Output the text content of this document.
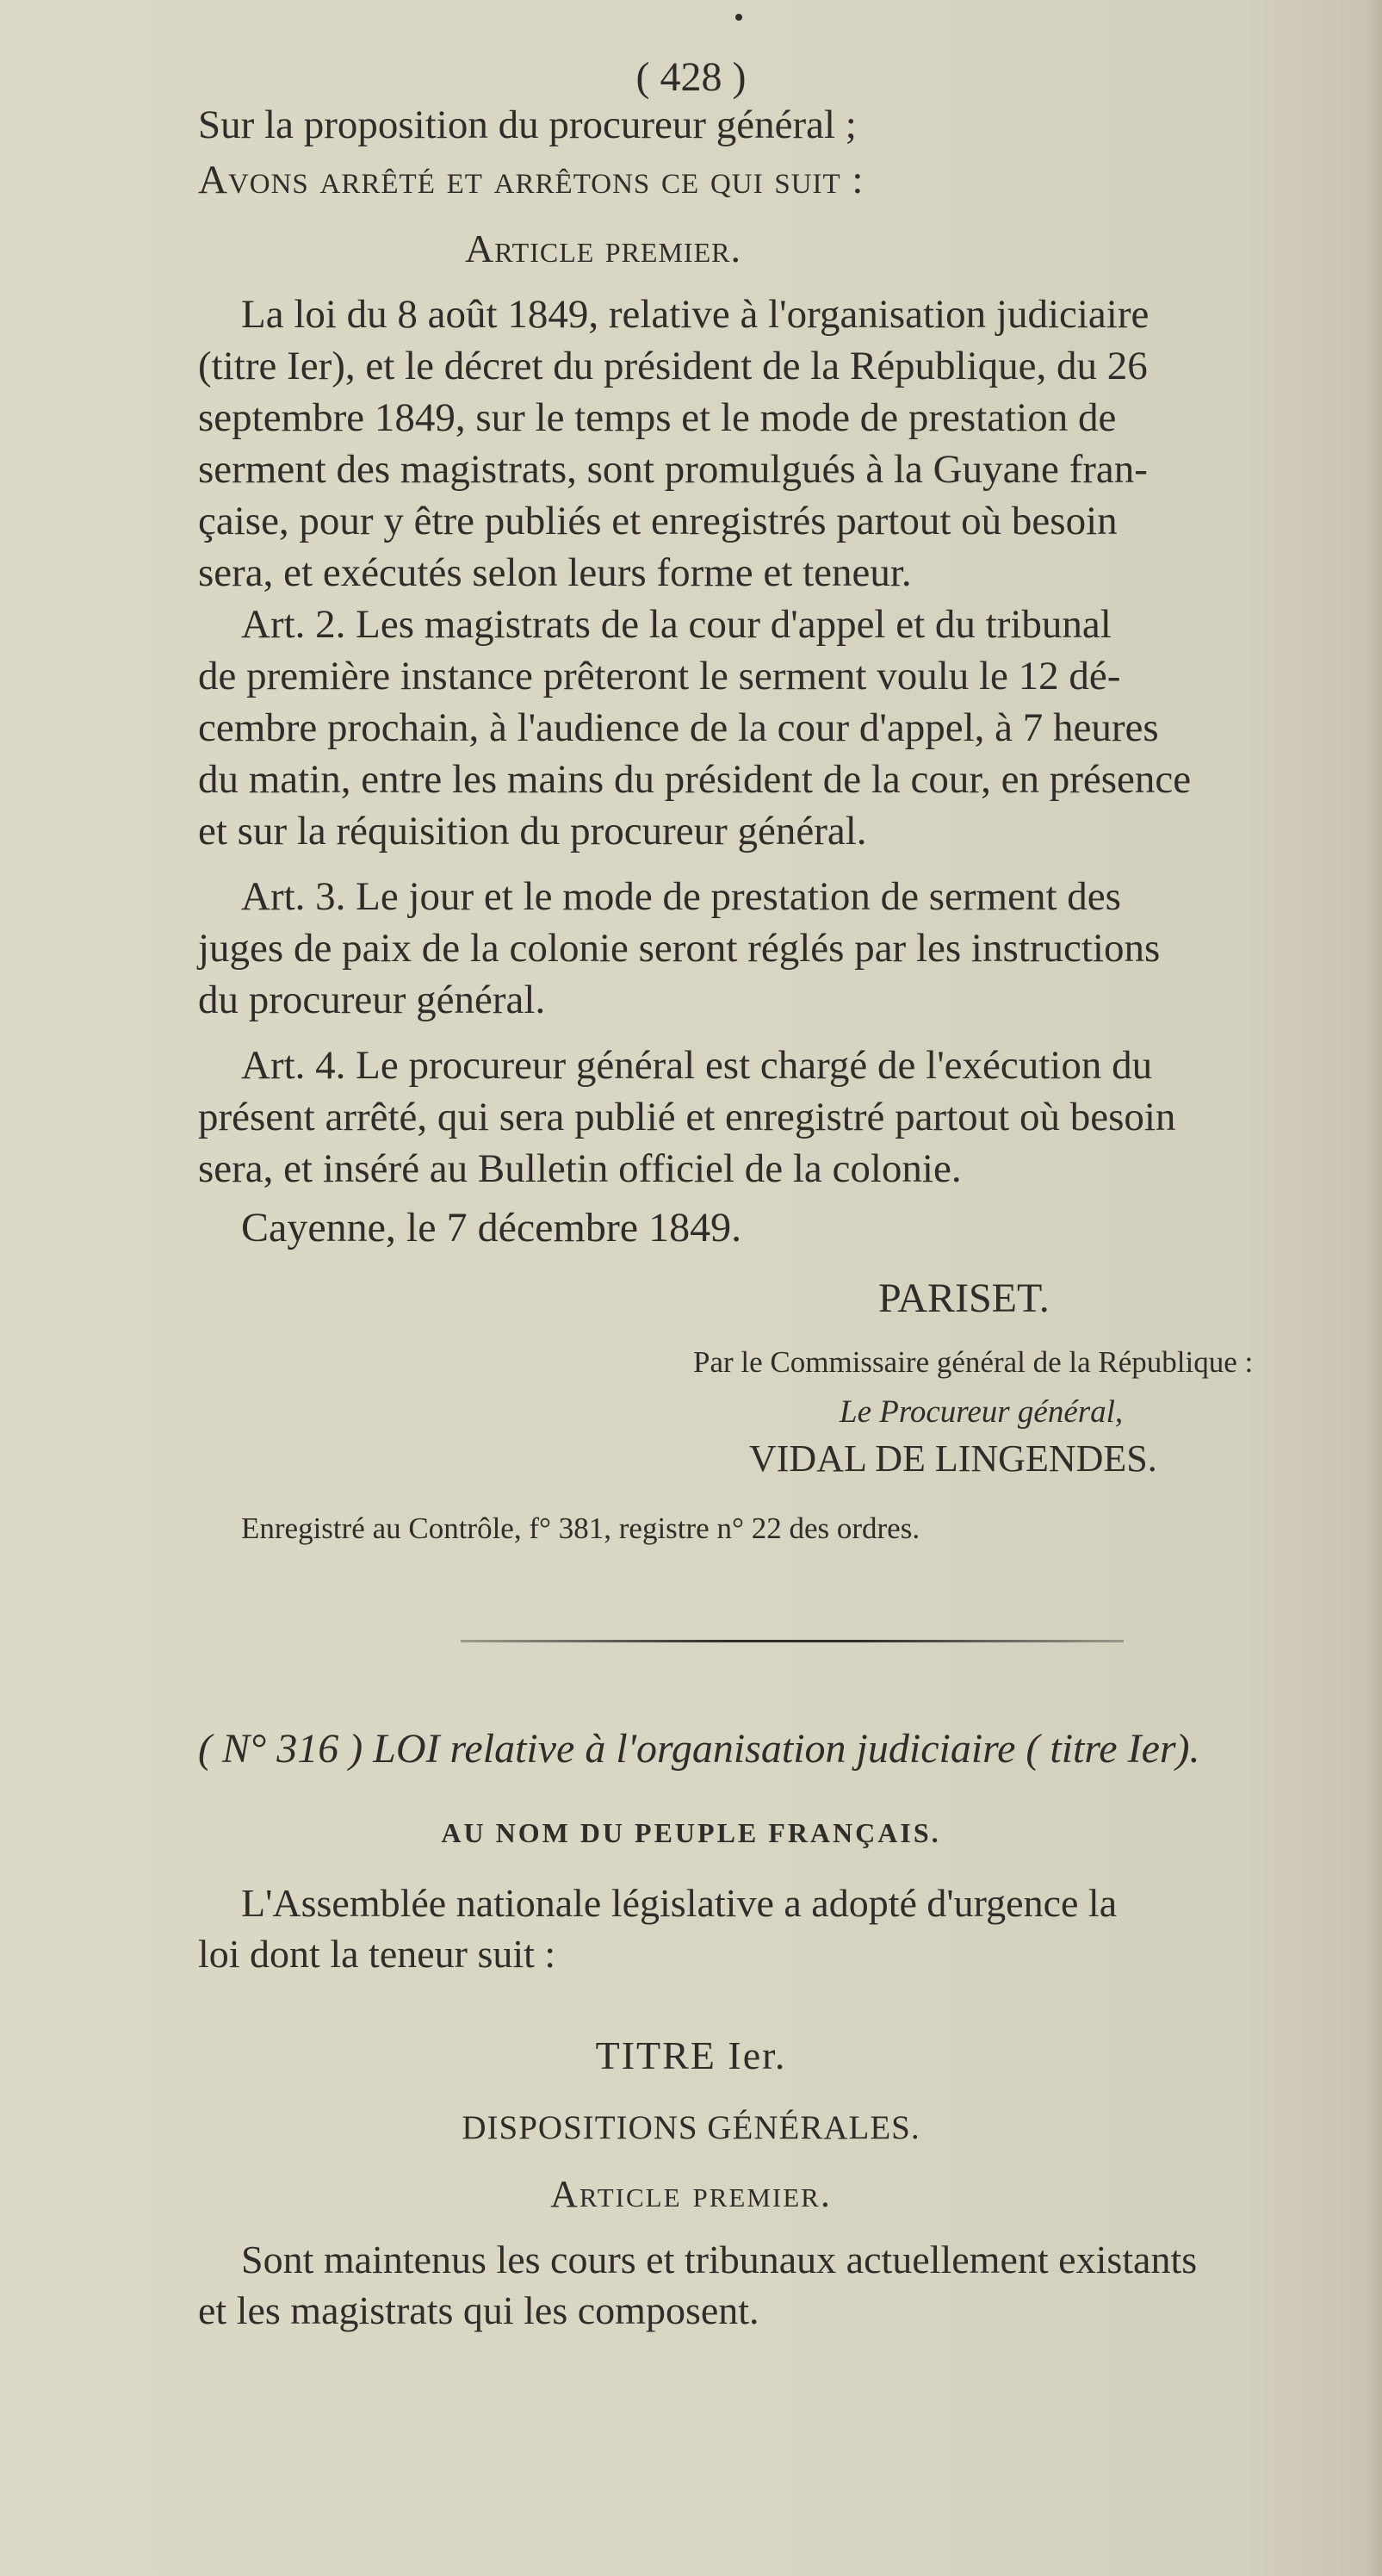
( 428 )

Sur la proposition du procureur général ;

Avons arrêté et arrêtons ce qui suit :

Article premier.

La loi du 8 août 1849, relative à l'organisation judiciaire

(titre Ier), et le décret du président de la République, du 26

septembre 1849, sur le temps et le mode de prestation de

serment des magistrats, sont promulgués à la Guyane fran-

çaise, pour y être publiés et enregistrés partout où besoin

sera, et exécutés selon leurs forme et teneur.

Art. 2. Les magistrats de la cour d'appel et du tribunal

de première instance prêteront le serment voulu le 12 dé-

cembre prochain, à l'audience de la cour d'appel, à 7 heures

du matin, entre les mains du président de la cour, en présence

et sur la réquisition du procureur général.

Art. 3. Le jour et le mode de prestation de serment des

juges de paix de la colonie seront réglés par les instructions

du procureur général.

Art. 4. Le procureur général est chargé de l'exécution du

présent arrêté, qui sera publié et enregistré partout où besoin

sera, et inséré au Bulletin officiel de la colonie.

Cayenne, le 7 décembre 1849.

PARISET.

Par le Commissaire général de la République :

Le Procureur général,

VIDAL DE LINGENDES.

Enregistré au Contrôle, f° 381, registre n° 22 des ordres.

( N° 316 ) LOI relative à l'organisation judiciaire ( titre Ier).

AU NOM DU PEUPLE FRANÇAIS.

L'Assemblée nationale législative a adopté d'urgence la

loi dont la teneur suit :

TITRE Ier.

DISPOSITIONS GÉNÉRALES.

Article premier.

Sont maintenus les cours et tribunaux actuellement existants

et les magistrats qui les composent.
